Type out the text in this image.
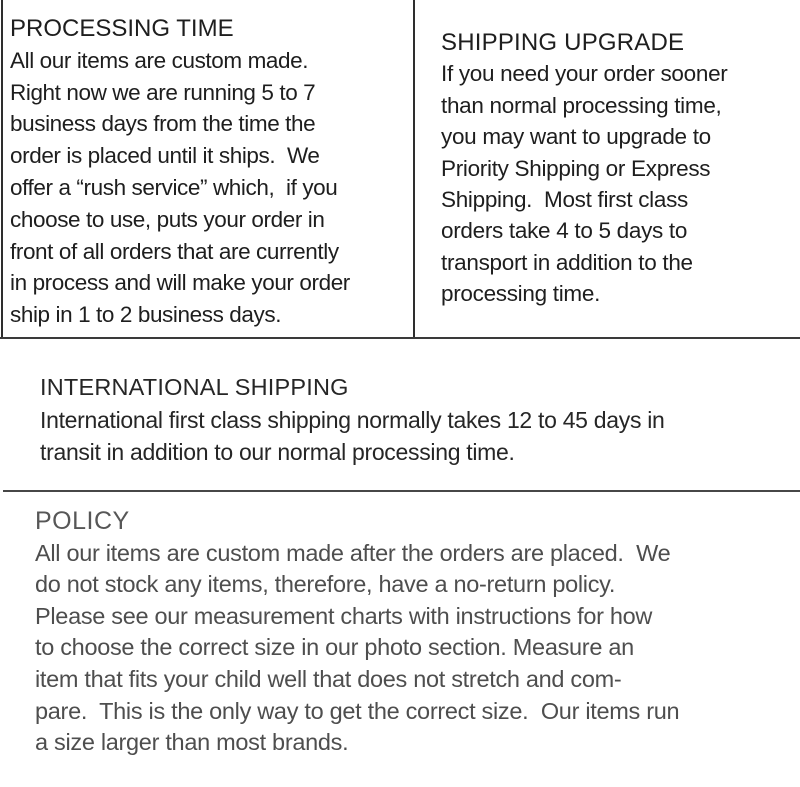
PROCESSING TIME
All our items are custom made.
Right now we are running 5 to 7
business days from the time the
order is placed until it ships.  We
offer a “rush service” which,  if you
choose to use, puts your order in
front of all orders that are currently
in process and will make your order
ship in 1 to 2 business days.
SHIPPING UPGRADE
If you need your order sooner
than normal processing time,
you may want to upgrade to
Priority Shipping or Express
Shipping.  Most first class
orders take 4 to 5 days to
transport in addition to the
processing time.
INTERNATIONAL SHIPPING
International first class shipping normally takes 12 to 45 days in
transit in addition to our normal processing time.
POLICY
All our items are custom made after the orders are placed.  We
do not stock any items, therefore, have a no-return policy.
Please see our measurement charts with instructions for how
to choose the correct size in our photo section. Measure an
item that fits your child well that does not stretch and com-
pare.  This is the only way to get the correct size.  Our items run
a size larger than most brands.
